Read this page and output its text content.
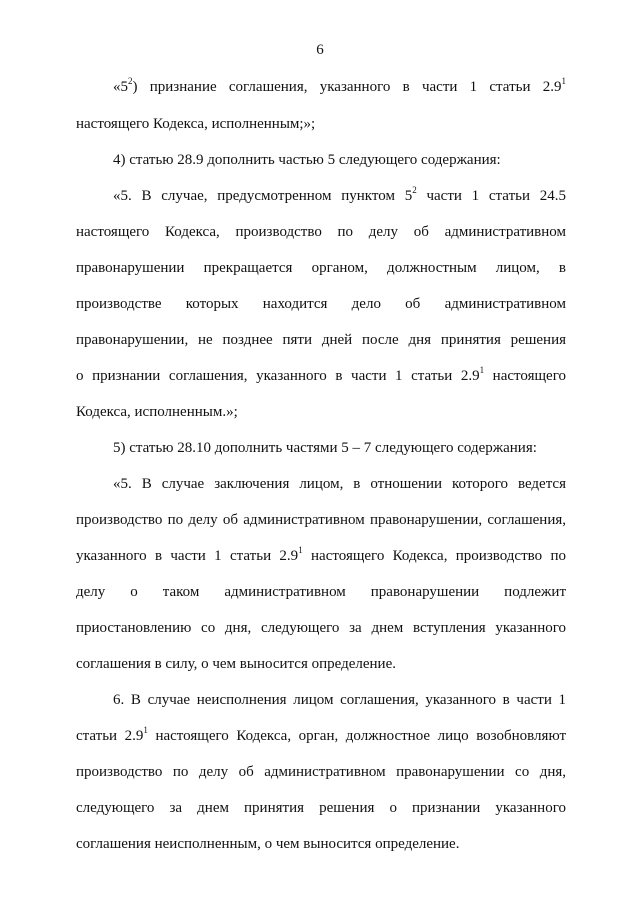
6
«$5^2$) признание соглашения, указанного в части 1 статьи $2.9^1$
настоящего Кодекса, исполненным;»;
4) статью 28.9 дополнить частью 5 следующего содержания:
«5. В случае, предусмотренном пунктом $5^2$ части 1 статьи 24.5
настоящего Кодекса, производство по делу об административном
правонарушении прекращается органом, должностным лицом, в
производстве которых находится дело об административном
правонарушении, не позднее пяти дней после дня принятия решения
о признании соглашения, указанного в части 1 статьи $2.9^1$ настоящего
Кодекса, исполненным.»;
5) статью 28.10 дополнить частями 5 – 7 следующего содержания:
«5. В случае заключения лицом, в отношении которого ведется
производство по делу об административном правонарушении, соглашения,
указанного в части 1 статьи $2.9^1$ настоящего Кодекса, производство по
делу о таком административном правонарушении подлежит
приостановлению со дня, следующего за днем вступления указанного
соглашения в силу, о чем выносится определение.
6. В случае неисполнения лицом соглашения, указанного в части 1
статьи $2.9^1$ настоящего Кодекса, орган, должностное лицо возобновляют
производство по делу об административном правонарушении со дня,
следующего за днем принятия решения о признании указанного
соглашения неисполненным, о чем выносится определение.
